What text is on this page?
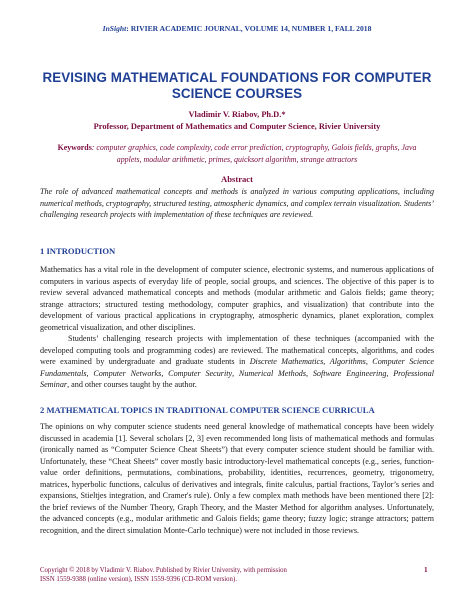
InSight: RIVIER ACADEMIC JOURNAL, VOLUME 14, NUMBER 1, FALL 2018
REVISING MATHEMATICAL FOUNDATIONS FOR COMPUTER SCIENCE COURSES
Vladimir V. Riabov, Ph.D.*
Professor, Department of Mathematics and Computer Science, Rivier University
Keywords: computer graphics, code complexity, code error prediction, cryptography, Galois fields, graphs, Java applets, modular arithmetic, primes, quicksort algorithm, strange attractors
Abstract
The role of advanced mathematical concepts and methods is analyzed in various computing applications, including numerical methods, cryptography, structured testing, atmospheric dynamics, and complex terrain visualization. Students’ challenging research projects with implementation of these techniques are reviewed.
1 INTRODUCTION

Mathematics has a vital role in the development of computer science, electronic systems, and numerous applications of computers in various aspects of everyday life of people, social groups, and sciences. The objective of this paper is to review several advanced mathematical concepts and methods (modular arithmetic and Galois fields; game theory; strange attractors; structured testing methodology, computer graphics, and visualization) that contribute into the development of various practical applications in cryptography, atmospheric dynamics, planet exploration, complex geometrical visualization, and other disciplines.

Students’ challenging research projects with implementation of these techniques (accompanied with the developed computing tools and programming codes) are reviewed. The mathematical concepts, algorithms, and codes were examined by undergraduate and graduate students in Discrete Mathematics, Algorithms, Computer Science Fundamentals, Computer Networks, Computer Security, Numerical Methods, Software Engineering, Professional Seminar, and other courses taught by the author.

2 MATHEMATICAL TOPICS IN TRADITIONAL COMPUTER SCIENCE CURRICULA

The opinions on why computer science students need general knowledge of mathematical concepts have been widely discussed in academia [1]. Several scholars [2, 3] even recommended long lists of mathematical methods and formulas (ironically named as “Computer Science Cheat Sheets”) that every computer science student should be familiar with. Unfortunately, these “Cheat Sheets” cover mostly basic introductory-level mathematical concepts (e.g., series, function-value order definitions, permutations, combinations, probability, identities, recurrences, geometry, trigonometry, matrices, hyperbolic functions, calculus of derivatives and integrals, finite calculus, partial fractions, Taylor’s series and expansions, Stieltjes integration, and Cramer's rule). Only a few complex math methods have been mentioned there [2]: the brief reviews of the Number Theory, Graph Theory, and the Master Method for algorithm analyses. Unfortunately, the advanced concepts (e.g., modular arithmetic and Galois fields; game theory; fuzzy logic; strange attractors; pattern recognition, and the direct simulation Monte-Carlo technique) were not included in those reviews.

Copyright © 2018 by Vladimir V. Riabov. Published by Rivier University, with permission
ISSN 1559-9388 (online version), ISSN 1559-9396 (CD-ROM version).
1
